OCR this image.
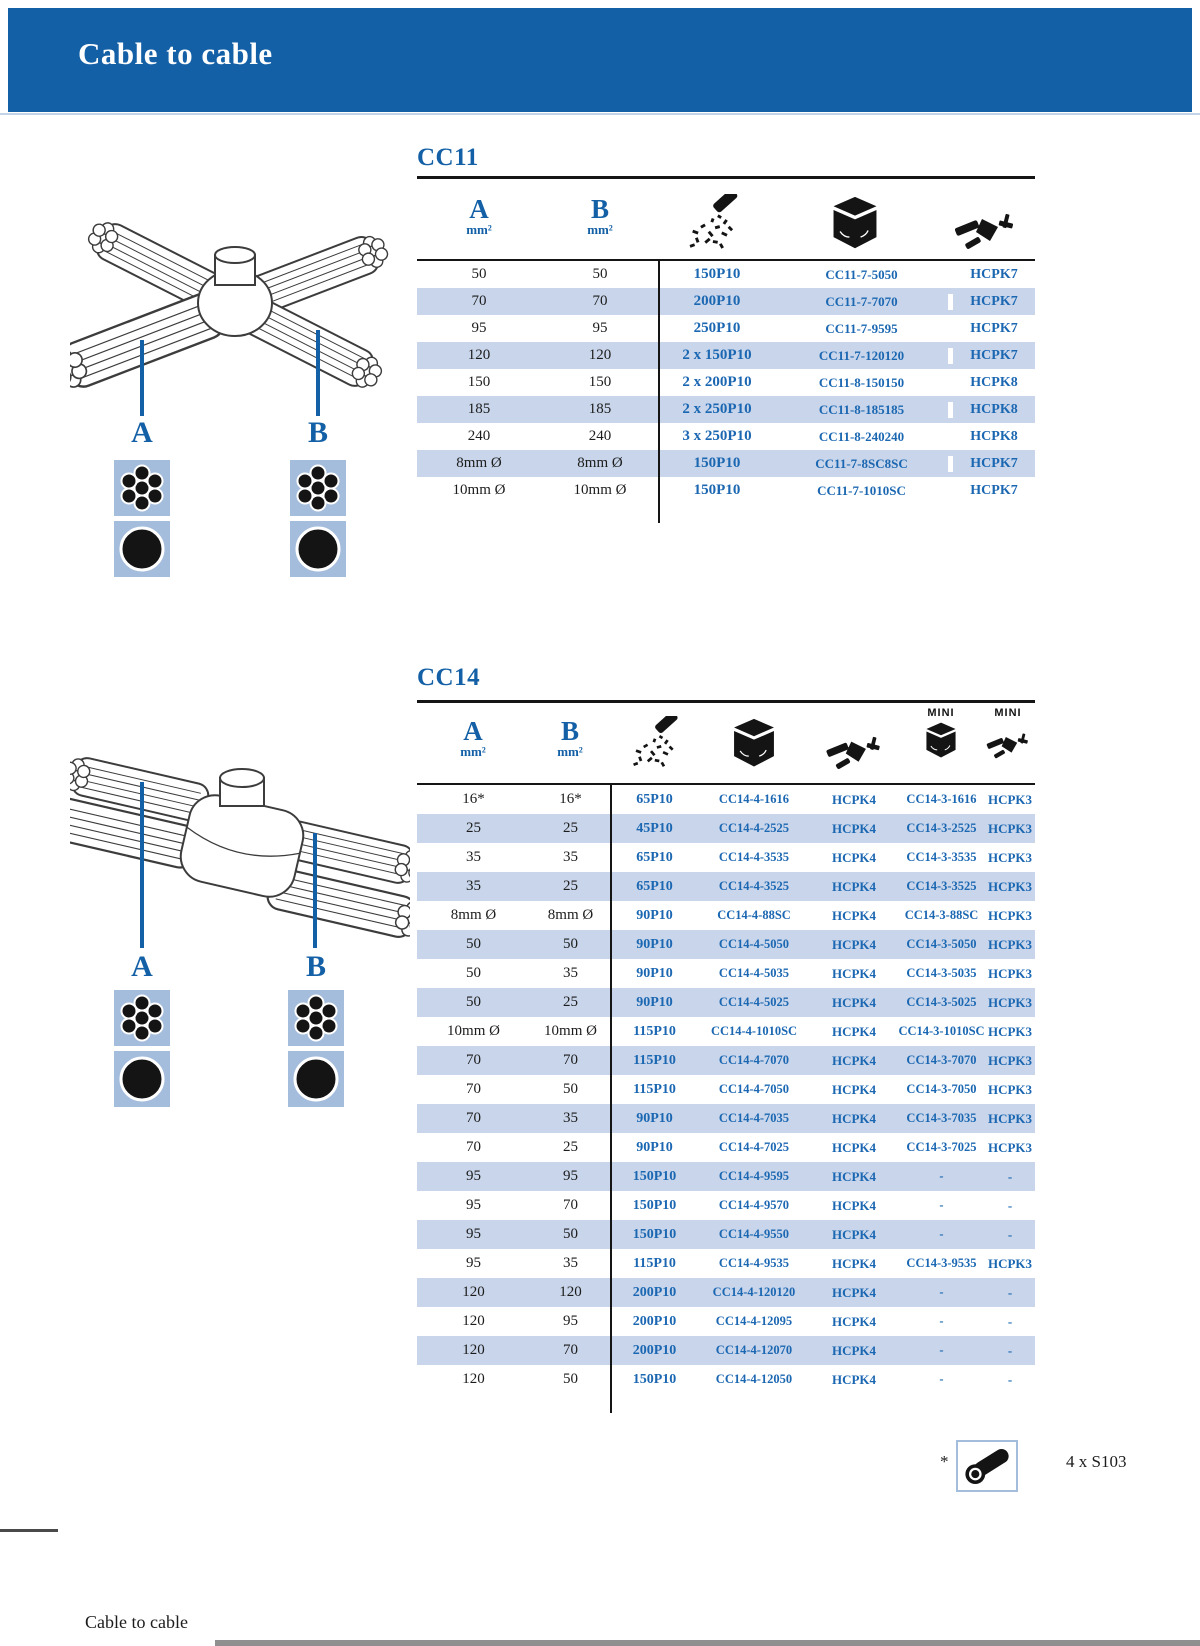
Cable to cable
A	B
CC11
A
mm²
B
mm²
50	50	150P10	CC11-7-5050	HCPK7
70	70	200P10	CC11-7-7070	HCPK7
95	95	250P10	CC11-7-9595	HCPK7
120	120	2 x 150P10	CC11-7-120120	HCPK7
150	150	2 x 200P10	CC11-8-150150	HCPK8
185	185	2 x 250P10	CC11-8-185185	HCPK8
240	240	3 x 250P10	CC11-8-240240	HCPK8
8mm Ø	8mm Ø	150P10	CC11-7-8SC8SC	HCPK7
10mm Ø	10mm Ø	150P10	CC11-7-1010SC	HCPK7
A	B
CC14
A
mm²
B
mm²
MINI	MINI
16*	16*	65P10	CC14-4-1616	HCPK4	CC14-3-1616 HCPK3
25	25	45P10	CC14-4-2525	HCPK4	CC14-3-2525 HCPK3
35	35	65P10	CC14-4-3535	HCPK4	CC14-3-3535 HCPK3
35	25	65P10	CC14-4-3525	HCPK4	CC14-3-3525 HCPK3
8mm Ø	8mm Ø	90P10	CC14-4-88SC	HCPK4	CC14-3-88SC HCPK3
50	50	90P10	CC14-4-5050	HCPK4	CC14-3-5050 HCPK3
50	35	90P10	CC14-4-5035	HCPK4	CC14-3-5035 HCPK3
50	25	90P10	CC14-4-5025	HCPK4	CC14-3-5025 HCPK3
10mm Ø	10mm Ø	115P10	CC14-4-1010SC	HCPK4	CC14-3-1010SC HCPK3
70	70	115P10	CC14-4-7070	HCPK4	CC14-3-7070 HCPK3
70	50	115P10	CC14-4-7050	HCPK4	CC14-3-7050 HCPK3
70	35	90P10	CC14-4-7035	HCPK4	CC14-3-7035 HCPK3
70	25	90P10	CC14-4-7025	HCPK4	CC14-3-7025 HCPK3
95	95	150P10	CC14-4-9595	HCPK4	-	-
95	70	150P10	CC14-4-9570	HCPK4	-	-
95	50	150P10	CC14-4-9550	HCPK4	-	-
95	35	115P10	CC14-4-9535	HCPK4	CC14-3-9535 HCPK3
120	120	200P10	CC14-4-120120	HCPK4	-	-
120	95	200P10	CC14-4-12095	HCPK4	-	-
120	70	200P10	CC14-4-12070	HCPK4	-	-
120	50	150P10	CC14-4-12050	HCPK4	-	-
*	4 x S103
Cable to cable
